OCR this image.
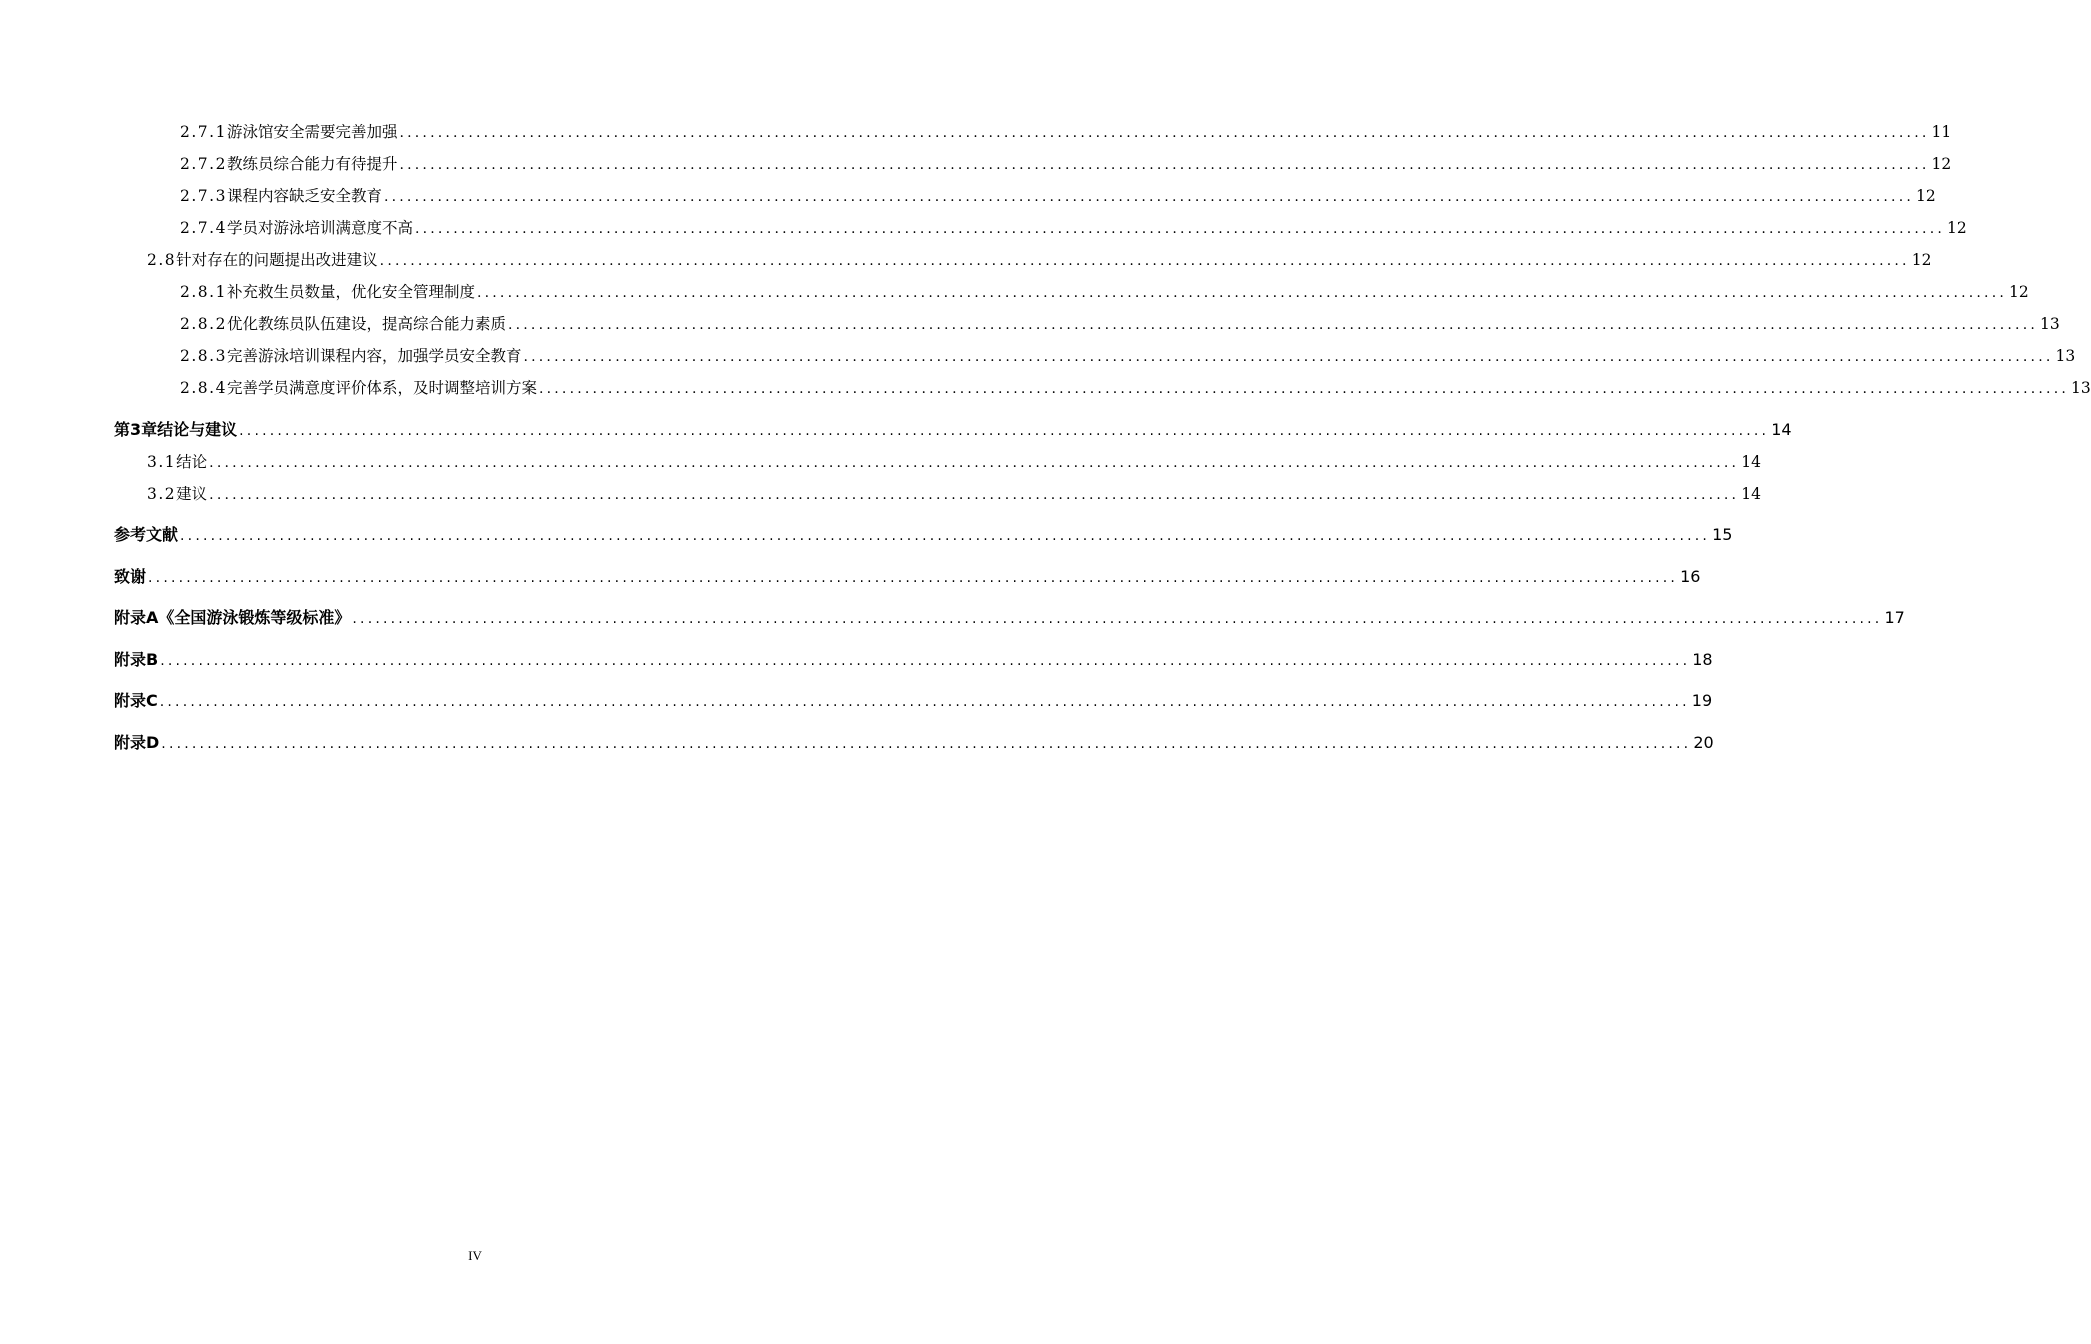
2.7.1 游泳馆安全需要完善加强 ........................................................................................................................................................................................................ 11
2.7.2 教练员综合能力有待提升 ........................................................................................................................................................................................................ 12
2.7.3 课程内容缺乏安全教育 ........................................................................................................................................................................................................ 12
2.7.4 学员对游泳培训满意度不高 ........................................................................................................................................................................................................ 12
2.8 针对存在的问题提出改进建议 ........................................................................................................................................................................................................ 12
2.8.1 补充救生员数量，优化安全管理制度 ........................................................................................................................................................................................................ 12
2.8.2 优化教练员队伍建设，提高综合能力素质 ........................................................................................................................................................................................................ 13
2.8.3 完善游泳培训课程内容，加强学员安全教育 ........................................................................................................................................................................................................ 13
2.8.4 完善学员满意度评价体系，及时调整培训方案 ........................................................................................................................................................................................................ 13
第3章 结论与建议 ........................................................................................................................................................................................................ 14
3.1 结论 ........................................................................................................................................................................................................ 14
3.2 建议 ........................................................................................................................................................................................................ 14
参考文献 ........................................................................................................................................................................................................ 15
致谢 ........................................................................................................................................................................................................ 16
附录A《全国游泳锻炼等级标准》 ........................................................................................................................................................................................................ 17
附录B ........................................................................................................................................................................................................ 18
附录C ........................................................................................................................................................................................................ 19
附录D ........................................................................................................................................................................................................ 20
IV
